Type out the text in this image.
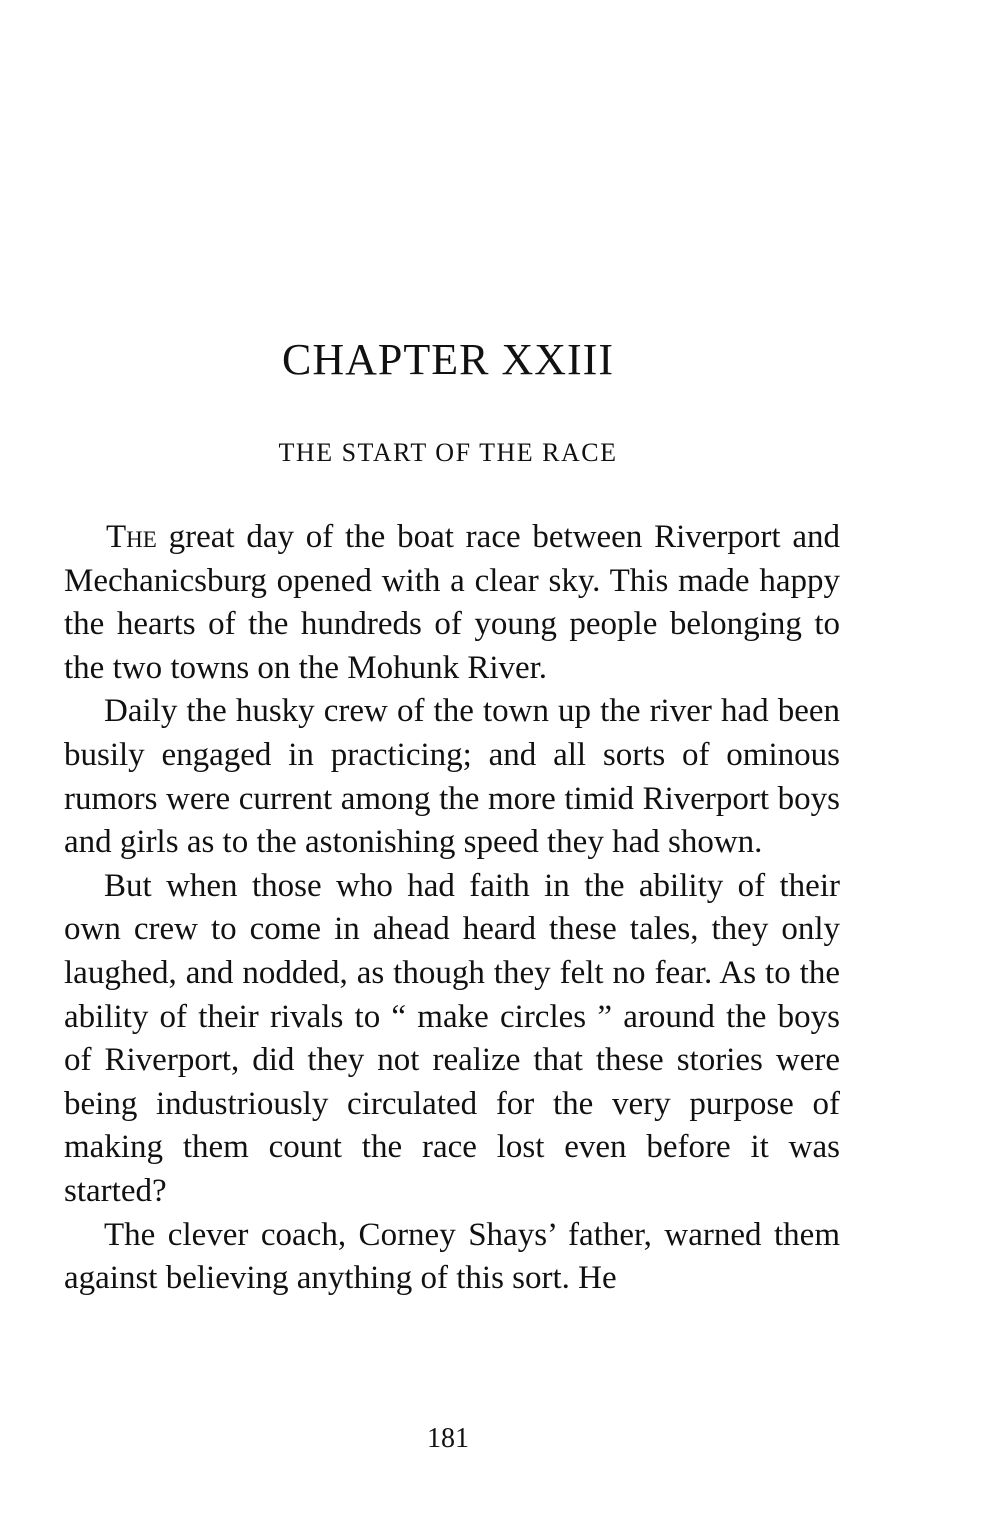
CHAPTER XXIII
THE START OF THE RACE

The great day of the boat race between Riverport and Mechanicsburg opened with a clear sky. This made happy the hearts of the hundreds of young people belonging to the two towns on the Mohunk River.

Daily the husky crew of the town up the river had been busily engaged in practicing; and all sorts of ominous rumors were current among the more timid Riverport boys and girls as to the astonishing speed they had shown.

But when those who had faith in the ability of their own crew to come in ahead heard these tales, they only laughed, and nodded, as though they felt no fear. As to the ability of their rivals to “ make circles ” around the boys of Riverport, did they not realize that these stories were being industriously circulated for the very purpose of making them count the race lost even before it was started?

The clever coach, Corney Shays’ father, warned them against believing anything of this sort. He

181
